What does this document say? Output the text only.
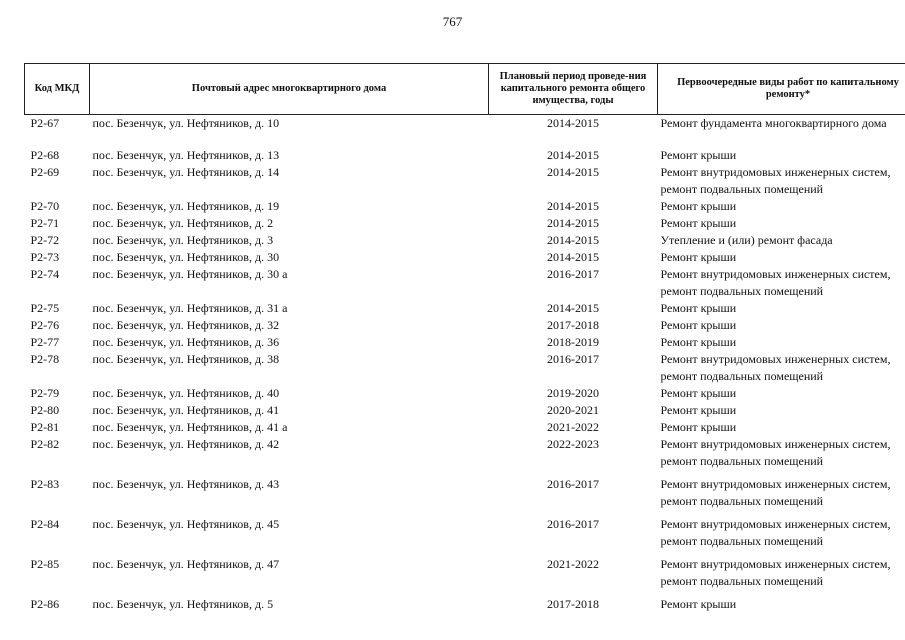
767
Код МКД	Почтовый адрес многоквартирного дома	Плановый период проведе-ния капитального ремонта общего имущества, годы	Первоочередные виды работ по капитальному ремонту*
Р2-67	пос. Безенчук, ул. Нефтяников, д. 10	2014-2015	Ремонт фундамента многоквартирного дома

Р2-68	пос. Безенчук, ул. Нефтяников, д. 13	2014-2015	Ремонт крыши

Р2-69	пос. Безенчук, ул. Нефтяников, д. 14	2014-2015	Ремонт внутридомовых инженерных систем,
ремонт подвальных помещений

Р2-70	пос. Безенчук, ул. Нефтяников, д. 19	2014-2015	Ремонт крыши

Р2-71	пос. Безенчук, ул. Нефтяников, д. 2	2014-2015	Ремонт крыши

Р2-72	пос. Безенчук, ул. Нефтяников, д. 3	2014-2015	Утепление и (или) ремонт фасада

Р2-73	пос. Безенчук, ул. Нефтяников, д. 30	2014-2015	Ремонт крыши

Р2-74	пос. Безенчук, ул. Нефтяников, д. 30 а	2016-2017	Ремонт внутридомовых инженерных систем,
ремонт подвальных помещений

Р2-75	пос. Безенчук, ул. Нефтяников, д. 31 а	2014-2015	Ремонт крыши

Р2-76	пос. Безенчук, ул. Нефтяников, д. 32	2017-2018	Ремонт крыши

Р2-77	пос. Безенчук, ул. Нефтяников, д. 36	2018-2019	Ремонт крыши

Р2-78	пос. Безенчук, ул. Нефтяников, д. 38	2016-2017	Ремонт внутридомовых инженерных систем,
ремонт подвальных помещений

Р2-79	пос. Безенчук, ул. Нефтяников, д. 40	2019-2020	Ремонт крыши

Р2-80	пос. Безенчук, ул. Нефтяников, д. 41	2020-2021	Ремонт крыши

Р2-81	пос. Безенчук, ул. Нефтяников, д. 41 а	2021-2022	Ремонт крыши

Р2-82	пос. Безенчук, ул. Нефтяников, д. 42	2022-2023	Ремонт внутридомовых инженерных систем,
ремонт подвальных помещений

Р2-83	пос. Безенчук, ул. Нефтяников, д. 43	2016-2017	Ремонт внутридомовых инженерных систем,
ремонт подвальных помещений

Р2-84	пос. Безенчук, ул. Нефтяников, д. 45	2016-2017	Ремонт внутридомовых инженерных систем,
ремонт подвальных помещений

Р2-85	пос. Безенчук, ул. Нефтяников, д. 47	2021-2022	Ремонт внутридомовых инженерных систем,
ремонт подвальных помещений

Р2-86	пос. Безенчук, ул. Нефтяников, д. 5	2017-2018	Ремонт крыши
